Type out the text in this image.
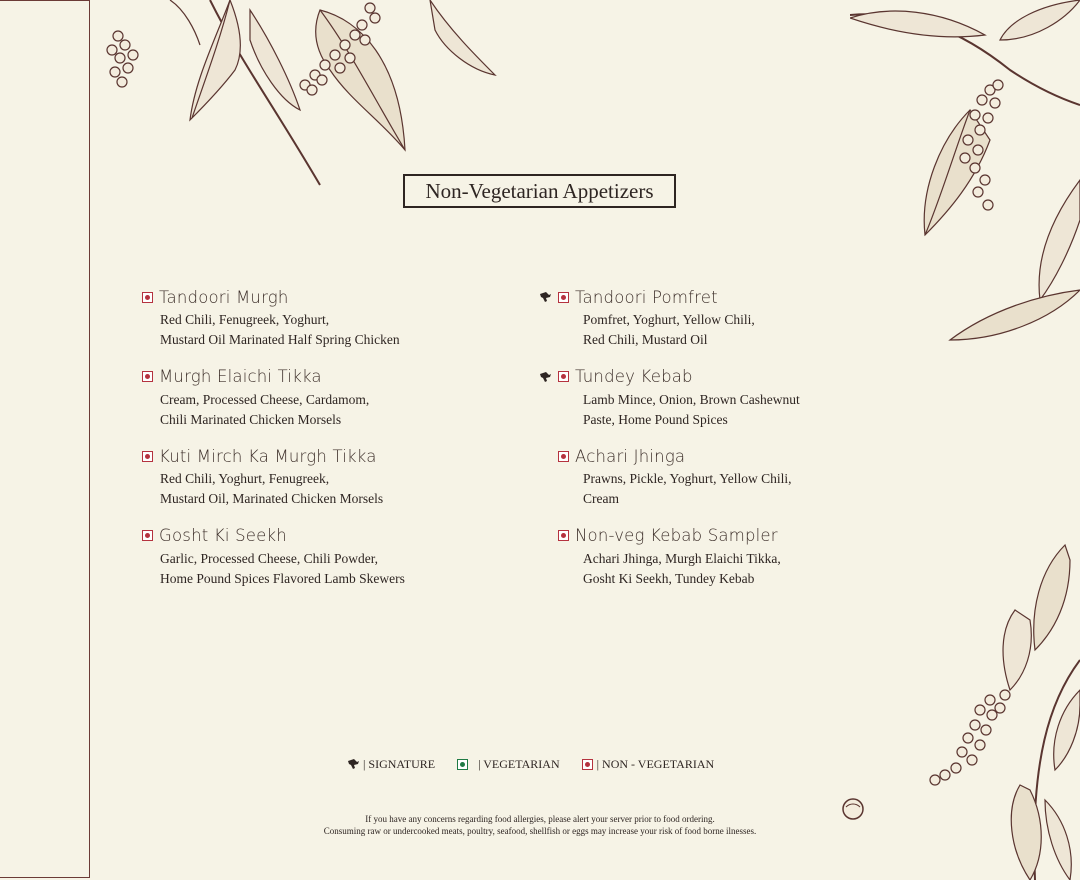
Non-Vegetarian Appetizers
Tandoori Murgh
Red Chili, Fenugreek, Yoghurt,
Mustard Oil Marinated Half Spring Chicken
Murgh Elaichi Tikka
Cream, Processed Cheese, Cardamom,
Chili Marinated Chicken Morsels
Kuti Mirch Ka Murgh Tikka
Red Chili, Yoghurt, Fenugreek,
Mustard Oil, Marinated Chicken Morsels
Gosht Ki Seekh
Garlic, Processed Cheese, Chili Powder,
Home Pound Spices Flavored Lamb Skewers
Tandoori Pomfret
Pomfret, Yoghurt, Yellow Chili,
Red Chili, Mustard Oil
Tundey Kebab
Lamb Mince, Onion, Brown Cashewnut
Paste, Home Pound Spices
Achari Jhinga
Prawns, Pickle, Yoghurt, Yellow Chili,
Cream
Non-veg Kebab Sampler
Achari Jhinga, Murgh Elaichi Tikka,
Gosht Ki Seekh, Tundey Kebab
| SIGNATURE	| VEGETARIAN	| NON - VEGETARIAN
If you have any concerns regarding food allergies, please alert your server prior to food ordering.
Consuming raw or undercooked meats, poultry, seafood, shellfish or eggs may increase your risk of food borne ilnesses.
